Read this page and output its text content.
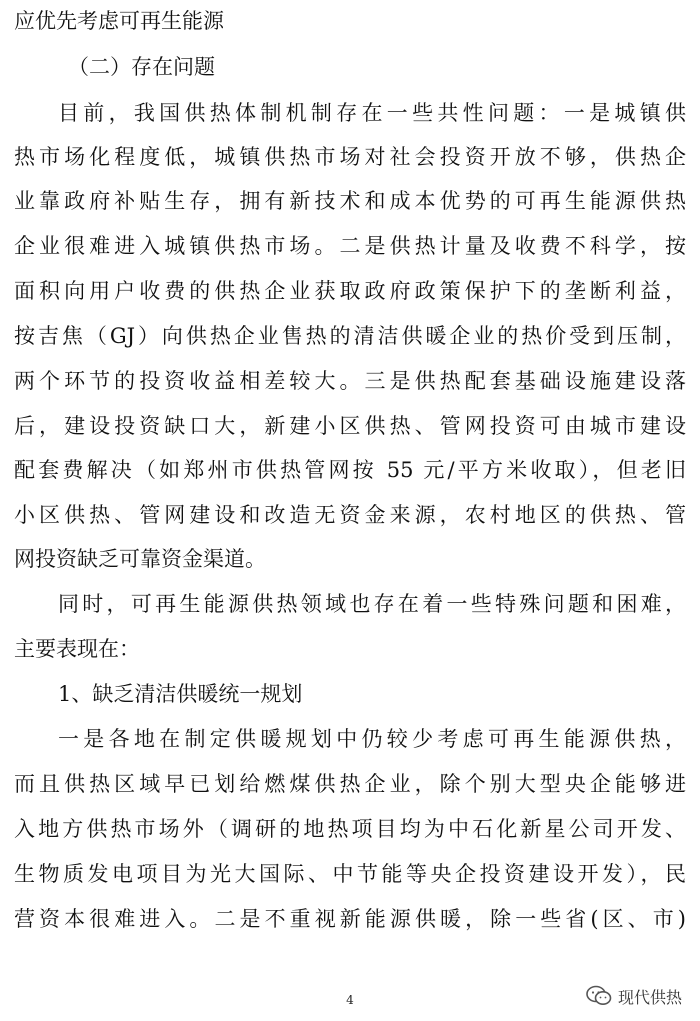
应优先考虑可再生能源
（二）存在问题
目前，我国供热体制机制存在一些共性问题：一是城镇供
热市场化程度低，城镇供热市场对社会投资开放不够，供热企
业靠政府补贴生存，拥有新技术和成本优势的可再生能源供热
企业很难进入城镇供热市场。二是供热计量及收费不科学，按
面积向用户收费的供热企业获取政府政策保护下的垄断利益，
按吉焦（GJ）向供热企业售热的清洁供暖企业的热价受到压制，
两个环节的投资收益相差较大。三是供热配套基础设施建设落
后，建设投资缺口大，新建小区供热、管网投资可由城市建设
配套费解决（如郑州市供热管网按 55 元/平方米收取），但老旧
小区供热、管网建设和改造无资金来源，农村地区的供热、管
网投资缺乏可靠资金渠道。
同时，可再生能源供热领域也存在着一些特殊问题和困难，
主要表现在：
1、缺乏清洁供暖统一规划
一是各地在制定供暖规划中仍较少考虑可再生能源供热，
而且供热区域早已划给燃煤供热企业，除个别大型央企能够进
入地方供热市场外（调研的地热项目均为中石化新星公司开发、
生物质发电项目为光大国际、中节能等央企投资建设开发），民
营资本很难进入。二是不重视新能源供暖，除一些省(区、市)
4	现代供热
